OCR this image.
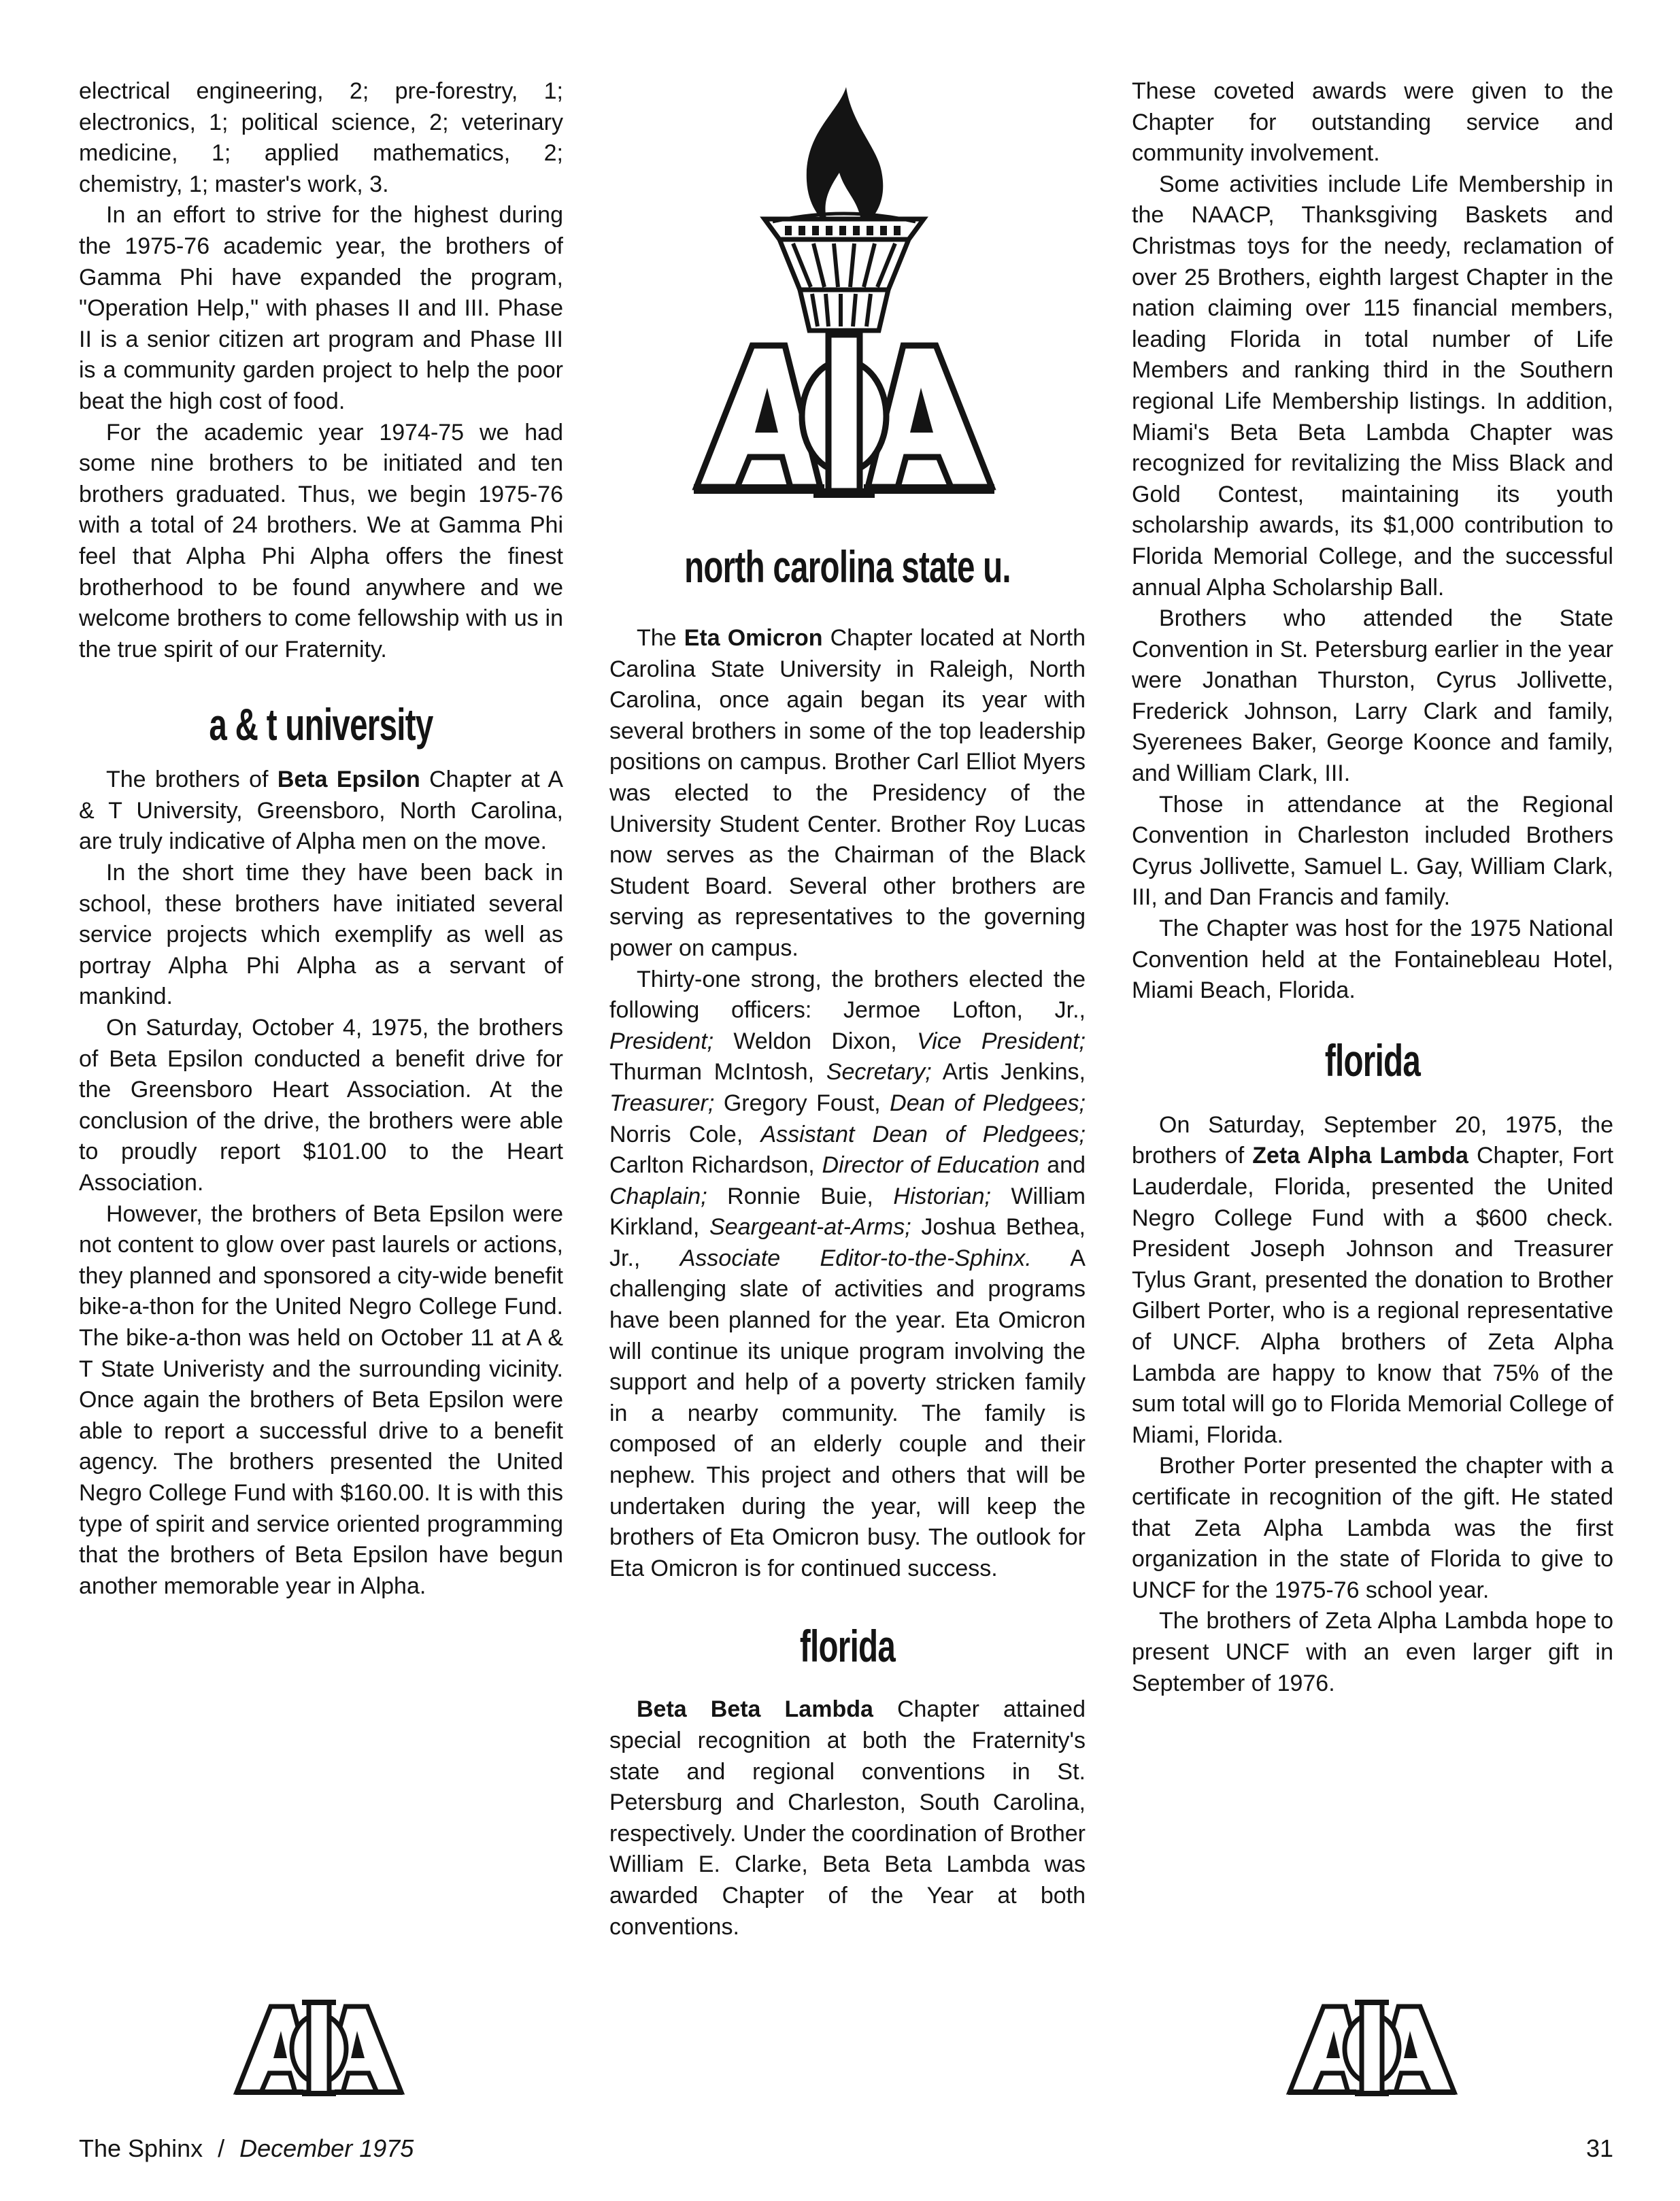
electrical engineering, 2; pre-forestry, 1; electronics, 1; political science, 2; veterinary medicine, 1; applied mathematics, 2; chemistry, 1; master's work, 3.

In an effort to strive for the highest during the 1975-76 academic year, the brothers of Gamma Phi have expanded the program, "Operation Help," with phases II and III. Phase II is a senior citizen art program and Phase III is a community garden project to help the poor beat the high cost of food.

For the academic year 1974-75 we had some nine brothers to be initiated and ten brothers graduated. Thus, we begin 1975-76 with a total of 24 brothers. We at Gamma Phi feel that Alpha Phi Alpha offers the finest brotherhood to be found anywhere and we welcome brothers to come fellowship with us in the true spirit of our Fraternity.

a & t university

The brothers of Beta Epsilon Chapter at A & T University, Greensboro, North Carolina, are truly indicative of Alpha men on the move.

In the short time they have been back in school, these brothers have initiated several service projects which exemplify as well as portray Alpha Phi Alpha as a servant of mankind.

On Saturday, October 4, 1975, the brothers of Beta Epsilon conducted a benefit drive for the Greensboro Heart Association. At the conclusion of the drive, the brothers were able to proudly report $101.00 to the Heart Association.

However, the brothers of Beta Epsilon were not content to glow over past laurels or actions, they planned and sponsored a city-wide benefit bike-a-thon for the United Negro College Fund. The bike-a-thon was held on October 11 at A & T State Univeristy and the surrounding vicinity. Once again the brothers of Beta Epsilon were able to report a successful drive to a benefit agency. The brothers presented the United Negro College Fund with $160.00. It is with this type of spirit and service oriented programming that the brothers of Beta Epsilon have begun another memorable year in Alpha.

north carolina state u.

The Eta Omicron Chapter located at North Carolina State University in Raleigh, North Carolina, once again began its year with several brothers in some of the top leadership positions on campus. Brother Carl Elliot Myers was elected to the Presidency of the University Student Center. Brother Roy Lucas now serves as the Chairman of the Black Student Board. Several other brothers are serving as representatives to the governing power on campus.

Thirty-one strong, the brothers elected the following officers: Jermoe Lofton, Jr., President; Weldon Dixon, Vice President; Thurman McIntosh, Secretary; Artis Jenkins, Treasurer; Gregory Foust, Dean of Pledgees; Norris Cole, Assistant Dean of Pledgees; Carlton Richardson, Director of Education and Chaplain; Ronnie Buie, Historian; William Kirkland, Seargeant-at-Arms; Joshua Bethea, Jr., Associate Editor-to-the-Sphinx. A challenging slate of activities and programs have been planned for the year. Eta Omicron will continue its unique program involving the support and help of a poverty stricken family in a nearby community. The family is composed of an elderly couple and their nephew. This project and others that will be undertaken during the year, will keep the brothers of Eta Omicron busy. The outlook for Eta Omicron is for continued success.

florida

Beta Beta Lambda Chapter attained special recognition at both the Fraternity's state and regional conventions in St. Petersburg and Charleston, South Carolina, respectively. Under the coordination of Brother William E. Clarke, Beta Beta Lambda was awarded Chapter of the Year at both conventions.

These coveted awards were given to the Chapter for outstanding service and community involvement.

Some activities include Life Membership in the NAACP, Thanksgiving Baskets and Christmas toys for the needy, reclamation of over 25 Brothers, eighth largest Chapter in the nation claiming over 115 financial members, leading Florida in total number of Life Members and ranking third in the Southern regional Life Membership listings. In addition, Miami's Beta Beta Lambda Chapter was recognized for revitalizing the Miss Black and Gold Contest, maintaining its youth scholarship awards, its $1,000 contribution to Florida Memorial College, and the successful annual Alpha Scholarship Ball.

Brothers who attended the State Convention in St. Petersburg earlier in the year were Jonathan Thurston, Cyrus Jollivette, Frederick Johnson, Larry Clark and family, Syerenees Baker, George Koonce and family, and William Clark, III.

Those in attendance at the Regional Convention in Charleston included Brothers Cyrus Jollivette, Samuel L. Gay, William Clark, III, and Dan Francis and family.

The Chapter was host for the 1975 National Convention held at the Fontainebleau Hotel, Miami Beach, Florida.

florida

On Saturday, September 20, 1975, the brothers of Zeta Alpha Lambda Chapter, Fort Lauderdale, Florida, presented the United Negro College Fund with a $600 check. President Joseph Johnson and Treasurer Tylus Grant, presented the donation to Brother Gilbert Porter, who is a regional representative of UNCF. Alpha brothers of Zeta Alpha Lambda are happy to know that 75% of the sum total will go to Florida Memorial College of Miami, Florida.

Brother Porter presented the chapter with a certificate in recognition of the gift. He stated that Zeta Alpha Lambda was the first organization in the state of Florida to give to UNCF for the 1975-76 school year.

The brothers of Zeta Alpha Lambda hope to present UNCF with an even larger gift in September of 1976.

The Sphinx / December 1975	31
